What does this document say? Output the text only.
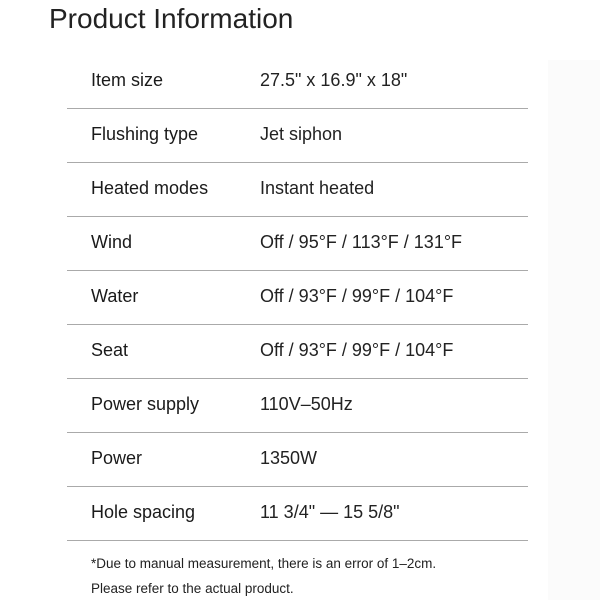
Product Information
Item size	27.5" x 16.9" x 18"
Flushing type	Jet siphon
Heated modes	Instant heated
Wind	Off / 95°F / 113°F / 131°F
Water	Off / 93°F / 99°F / 104°F
Seat	Off / 93°F / 99°F / 104°F
Power supply	110V–50Hz
Power	1350W
Hole spacing	11 3/4" — 15 5/8"
*Due to manual measurement, there is an error of 1–2cm.
Please refer to the actual product.
